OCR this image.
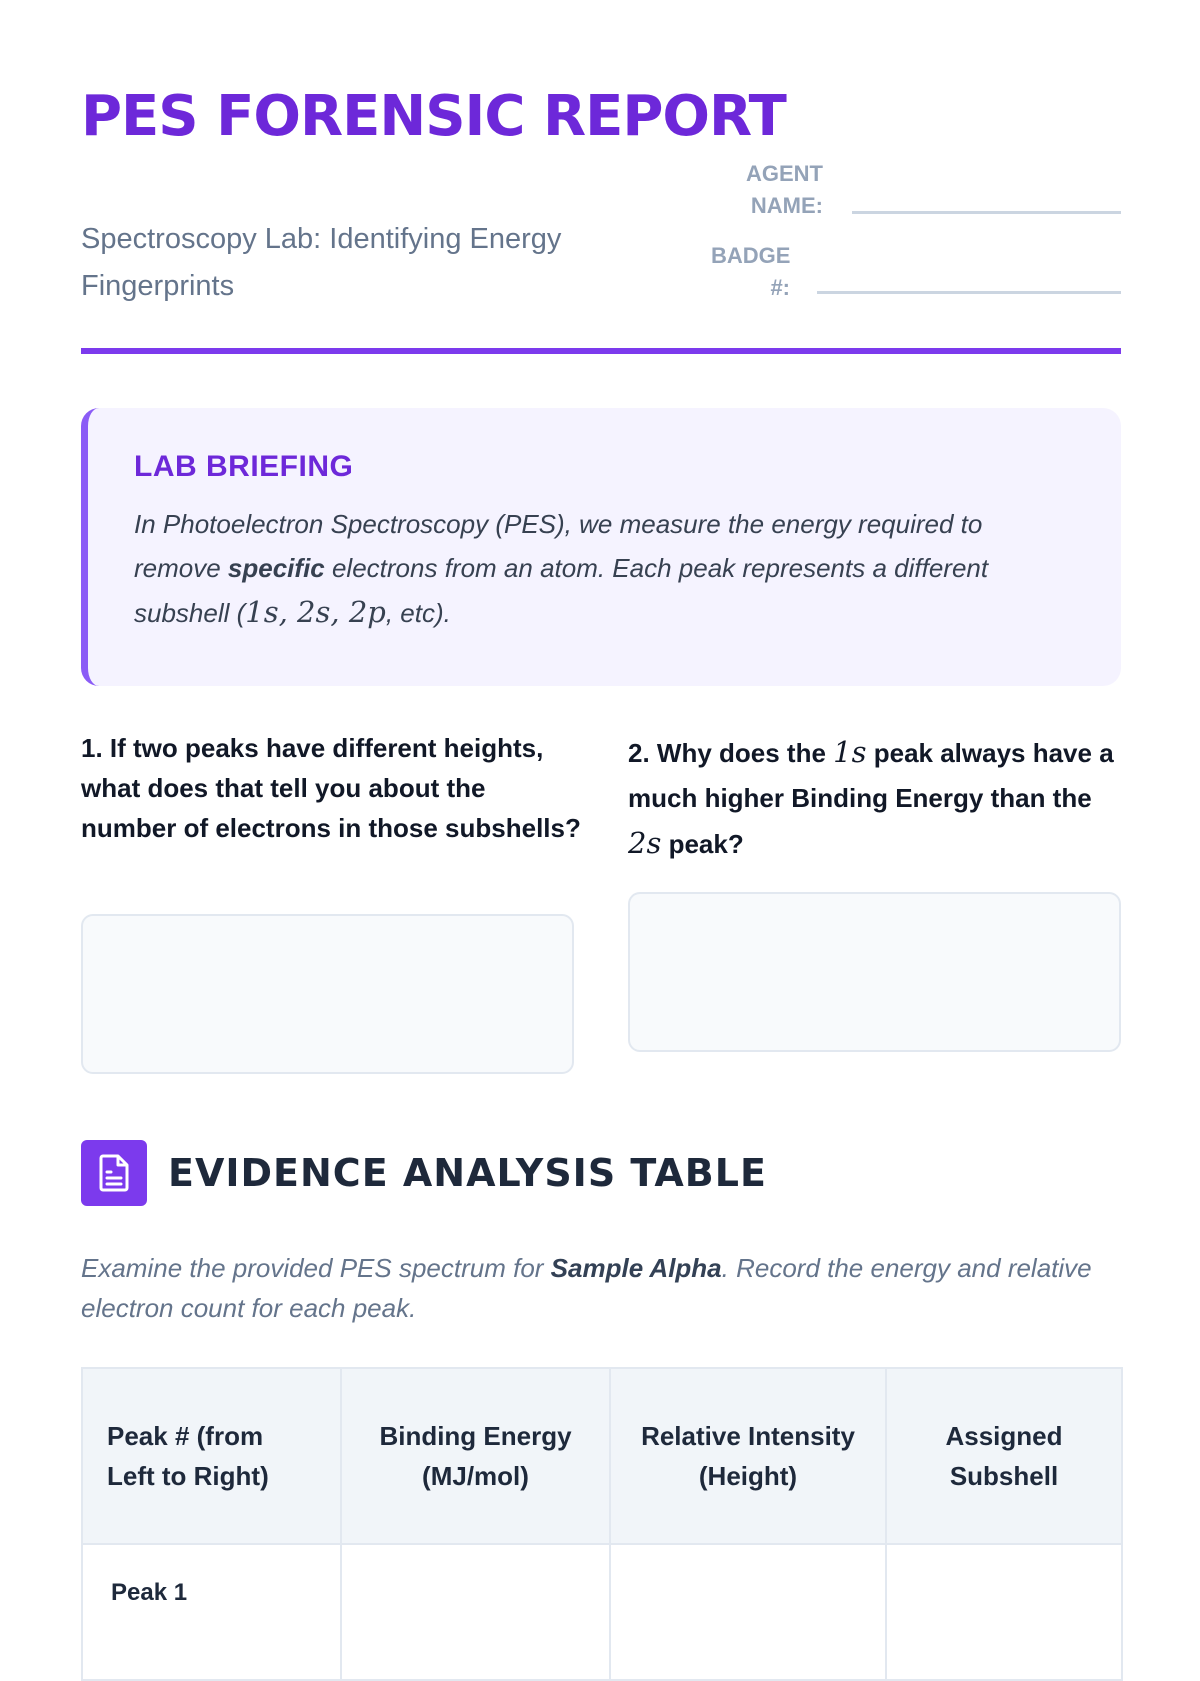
PES FORENSIC REPORT

Spectroscopy Lab: Identifying Energy Fingerprints

AGENT NAME:
BADGE #:
LAB BRIEFING

In Photoelectron Spectroscopy (PES), we measure the energy required to remove specific electrons from an atom. Each peak represents a different subshell (1s, 2s, 2p, etc).

1. If two peaks have different heights, what does that tell you about the number of electrons in those subshells?

2. Why does the 1s peak always have a much higher Binding Energy than the 2s peak?

EVIDENCE ANALYSIS TABLE

Examine the provided PES spectrum for Sample Alpha. Record the energy and relative electron count for each peak.

Peak # (from Left to Right)	Binding Energy (MJ/mol)	Relative Intensity (Height)	Assigned Subshell
Peak 1			
